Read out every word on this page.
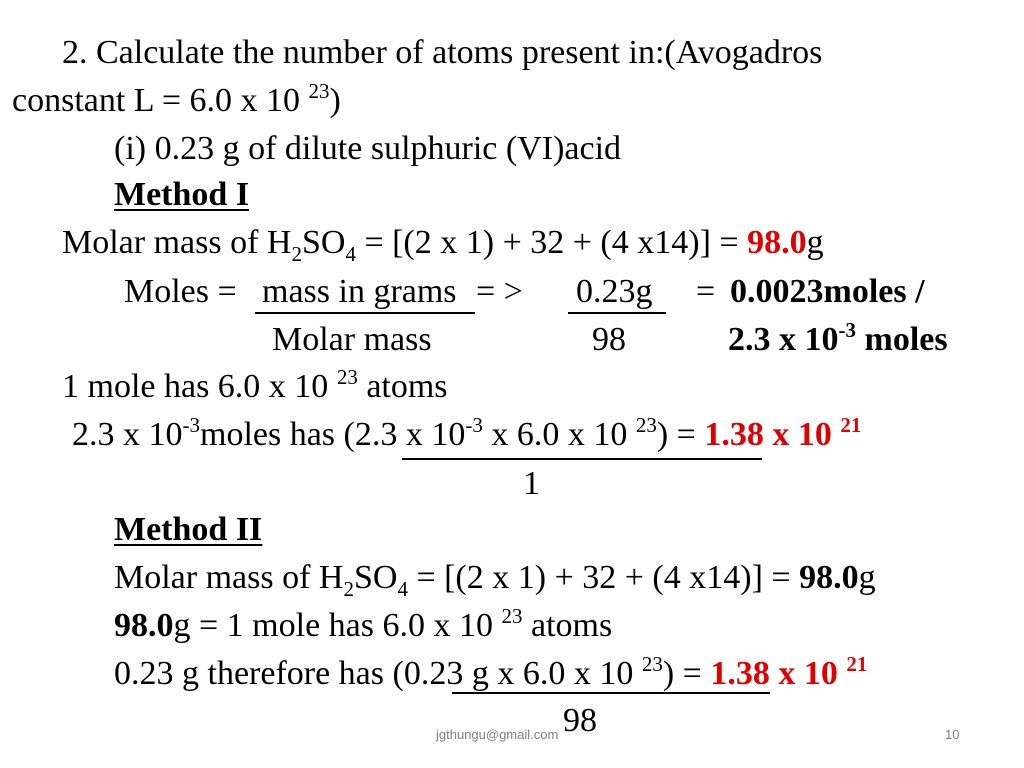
2. Calculate the number of atoms present in:(Avogadros
constant L = 6.0 x 10 $^{23}$)
(i) 0.23 g of dilute sulphuric (VI)acid
Method I
Molar mass of $H_2SO_4 = [(2$ x 1) + 32 + (4 x14)] = 98.0g
Moles = mass in grams = > 0.23g = 0.0023moles /
Molar mass	98	2.3 x $10^{-3}$ moles
1 mole has 6.0 x 10 $^{23}$ atoms
2.3 x $10^{-3}moles$ has (2.3 x $10^{-3}$ x 6.0 x 10 $^{23}$) = 1.38 x 10 $^{21}$
1
Method II
Molar mass of $H_2SO_4 = [(2$ x 1) + 32 + (4 x14)] = 98.0g
98.0g = 1 mole has 6.0 x 10 $^{23}$ atoms
0.23 g therefore has (0.23 g x 6.0 x 10 $^{23}$) = 1.38 x 10 $^{21}$
98
jgthungu@gmail.com	10
